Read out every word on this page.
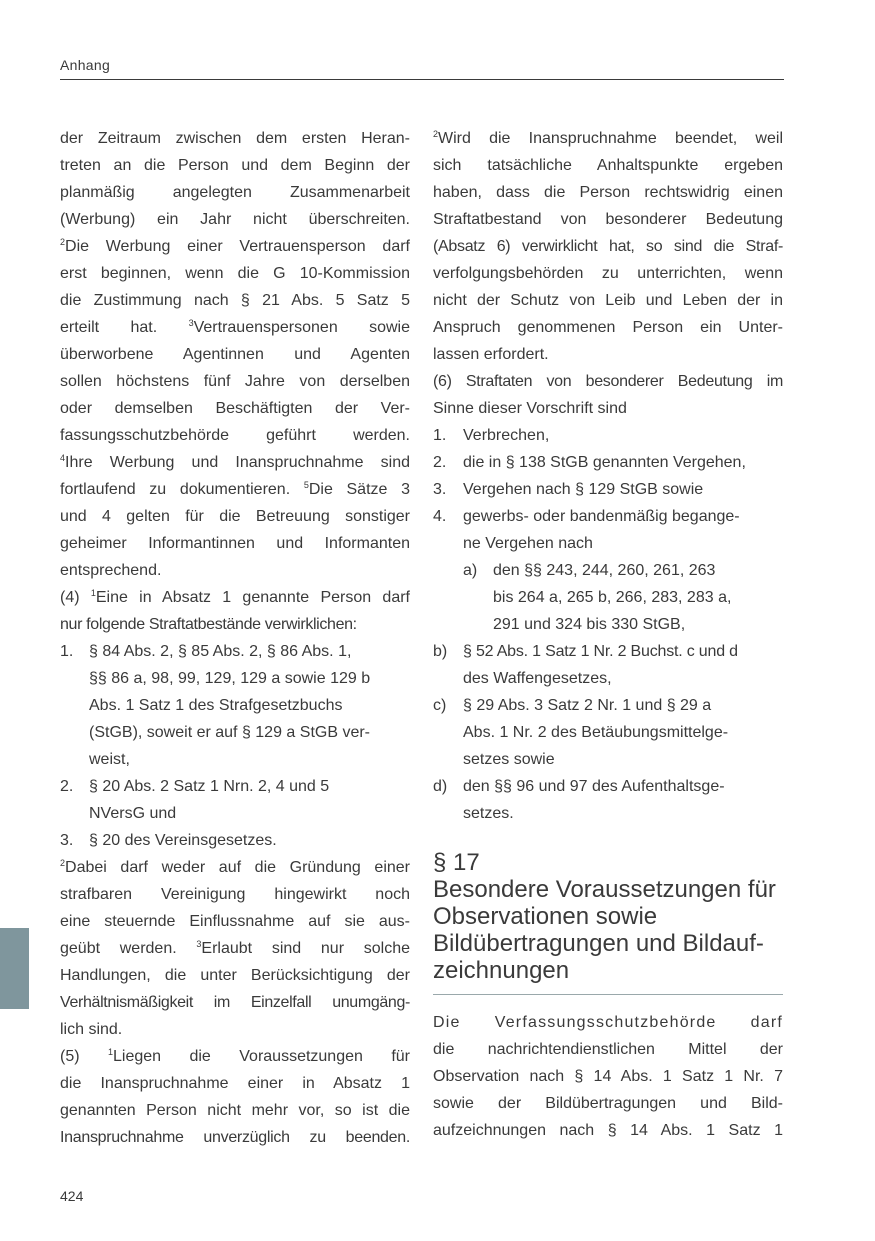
Anhang
der Zeitraum zwischen dem ersten Heran-
treten an die Person und dem Beginn der
planmäßig angelegten Zusammenarbeit
(Werbung) ein Jahr nicht überschreiten.
$^2$Die Werbung einer Vertrauensperson darf
erst beginnen, wenn die G 10-Kommission
die Zustimmung nach § 21 Abs. 5 Satz 5
erteilt hat. $^3$Vertrauenspersonen sowie
überworbene Agentinnen und Agenten
sollen höchstens fünf Jahre von derselben
oder demselben Beschäftigten der Ver-
fassungsschutzbehörde geführt werden.
$^4$Ihre Werbung und Inanspruchnahme sind
fortlaufend zu dokumentieren. $^5$Die Sätze 3
und 4 gelten für die Betreuung sonstiger
geheimer Informantinnen und Informanten
entsprechend.
(4) $^1$Eine in Absatz 1 genannte Person darf
nur folgende Straftatbestände verwirklichen:
1. § 84 Abs. 2, § 85 Abs. 2, § 86 Abs. 1,
§§ 86 a, 98, 99, 129, 129 a sowie 129 b
Abs. 1 Satz 1 des Strafgesetzbuchs
(StGB), soweit er auf § 129 a StGB ver-
weist,
2. § 20 Abs. 2 Satz 1 Nrn. 2, 4 und 5
NVersG und
3. § 20 des Vereinsgesetzes.
$^2$Dabei darf weder auf die Gründung einer
strafbaren Vereinigung hingewirkt noch
eine steuernde Einflussnahme auf sie aus-
geübt werden. $^3$Erlaubt sind nur solche
Handlungen, die unter Berücksichtigung der
Verhältnismäßigkeit im Einzelfall unumgäng-
lich sind.
(5) $^1$Liegen die Voraussetzungen für
die Inanspruchnahme einer in Absatz 1
genannten Person nicht mehr vor, so ist die
Inanspruchnahme unverzüglich zu beenden.
$^2$Wird die Inanspruchnahme beendet, weil
sich tatsächliche Anhaltspunkte ergeben
haben, dass die Person rechtswidrig einen
Straftatbestand von besonderer Bedeutung
(Absatz 6) verwirklicht hat, so sind die Straf-
verfolgungsbehörden zu unterrichten, wenn
nicht der Schutz von Leib und Leben der in
Anspruch genommenen Person ein Unter-
lassen erfordert.
(6) Straftaten von besonderer Bedeutung im
Sinne dieser Vorschrift sind
1. Verbrechen,
2. die in § 138 StGB genannten Vergehen,
3. Vergehen nach § 129 StGB sowie
4. gewerbs- oder bandenmäßig begange-
ne Vergehen nach
a) den §§ 243, 244, 260, 261, 263
bis 264 a, 265 b, 266, 283, 283 a,
291 und 324 bis 330 StGB,
b) § 52 Abs. 1 Satz 1 Nr. 2 Buchst. c und d
des Waffengesetzes,
c) § 29 Abs. 3 Satz 2 Nr. 1 und § 29 a
Abs. 1 Nr. 2 des Betäubungsmittelge-
setzes sowie
d) den §§ 96 und 97 des Aufenthaltsge-
setzes.
§ 17
Besondere Voraussetzungen für
Observationen sowie
Bildübertragungen und Bildauf-
zeichnungen
Die Verfassungsschutzbehörde darf
die nachrichtendienstlichen Mittel der
Observation nach § 14 Abs. 1 Satz 1 Nr. 7
sowie der Bildübertragungen und Bild-
aufzeichnungen nach § 14 Abs. 1 Satz 1
424
